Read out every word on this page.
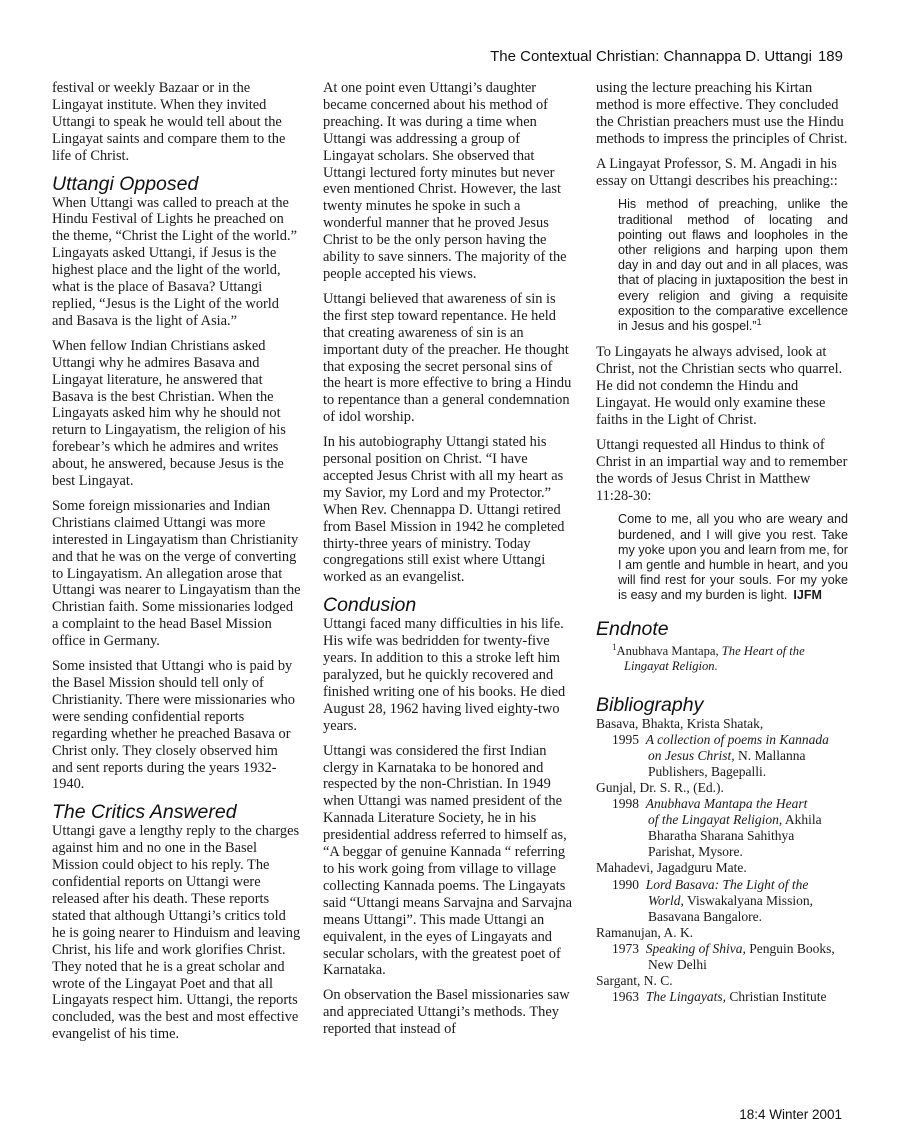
The Contextual Christian: Channappa D. Uttangi 189

festival or weekly Bazaar or in the Lingayat institute. When they invited Uttangi to speak he would tell about the Lingayat saints and compare them to the life of Christ.

Uttangi Opposed

When Uttangi was called to preach at the Hindu Festival of Lights he preached on the theme, “Christ the Light of the world.” Lingayats asked Uttangi, if Jesus is the highest place and the light of the world, what is the place of Basava? Uttangi replied, “Jesus is the Light of the world and Basava is the light of Asia.”

When fellow Indian Christians asked Uttangi why he admires Basava and Lingayat literature, he answered that Basava is the best Christian. When the Lingayats asked him why he should not return to Lingayatism, the religion of his forebear’s which he admires and writes about, he answered, because Jesus is the best Lingayat.

Some foreign missionaries and Indian Christians claimed Uttangi was more interested in Lingayatism than Christianity and that he was on the verge of converting to Lingayatism. An allegation arose that Uttangi was nearer to Lingayatism than the Christian faith. Some missionaries lodged a complaint to the head Basel Mission office in Germany.

Some insisted that Uttangi who is paid by the Basel Mission should tell only of Christianity. There were missionaries who were sending confidential reports regarding whether he preached Basava or Christ only. They closely observed him and sent reports during the years 1932-1940.

The Critics Answered

Uttangi gave a lengthy reply to the charges against him and no one in the Basel Mission could object to his reply. The confidential reports on Uttangi were released after his death. These reports stated that although Uttangi’s critics told he is going nearer to Hinduism and leaving Christ, his life and work glorifies Christ. They noted that he is a great scholar and wrote of the Lingayat Poet and that all Lingayats respect him. Uttangi, the reports concluded, was the best and most effective evangelist of his time.

At one point even Uttangi’s daughter became concerned about his method of preaching. It was during a time when Uttangi was addressing a group of Lingayat scholars. She observed that Uttangi lectured forty minutes but never even mentioned Christ. However, the last twenty minutes he spoke in such a wonderful manner that he proved Jesus Christ to be the only person having the ability to save sinners. The majority of the people accepted his views.

Uttangi believed that awareness of sin is the first step toward repentance. He held that creating awareness of sin is an important duty of the preacher. He thought that exposing the secret personal sins of the heart is more effective to bring a Hindu to repentance than a general condemnation of idol worship.

In his autobiography Uttangi stated his personal position on Christ. “I have accepted Jesus Christ with all my heart as my Savior, my Lord and my Protector.” When Rev. Chennappa D. Uttangi retired from Basel Mission in 1942 he completed thirty-three years of ministry. Today congregations still exist where Uttangi worked as an evangelist.

Condusion

Uttangi faced many difficulties in his life. His wife was bedridden for twenty-five years. In addition to this a stroke left him paralyzed, but he quickly recovered and finished writing one of his books. He died August 28, 1962 having lived eighty-two years.

Uttangi was considered the first Indian clergy in Karnataka to be honored and respected by the non-Christian. In 1949 when Uttangi was named president of the Kannada Literature Society, he in his presidential address referred to himself as, “A beggar of genuine Kannada “ referring to his work going from village to village collecting Kannada poems. The Lingayats said “Uttangi means Sarvajna and Sarvajna means Uttangi”. This made Uttangi an equivalent, in the eyes of Lingayats and secular scholars, with the greatest poet of Karnataka.

On observation the Basel missionaries saw and appreciated Uttangi’s methods. They reported that instead of

using the lecture preaching his Kirtan method is more effective. They concluded the Christian preachers must use the Hindu methods to impress the principles of Christ.

A Lingayat Professor, S. M. Angadi in his essay on Uttangi describes his preaching::

His method of preaching, unlike the traditional method of locating and pointing out flaws and loopholes in the other religions and harping upon them day in and day out and in all places, was that of placing in juxtaposition the best in every religion and giving a requisite exposition to the comparative excellence in Jesus and his gospel.”$^1$

To Lingayats he always advised, look at Christ, not the Christian sects who quarrel. He did not condemn the Hindu and Lingayat. He would only examine these faiths in the Light of Christ.

Uttangi requested all Hindus to think of Christ in an impartial way and to remember the words of Jesus Christ in Matthew 11:28-30:

Come to me, all you who are weary and burdened, and I will give you rest. Take my yoke upon you and learn from me, for I am gentle and humble in heart, and you will find rest for your souls. For my yoke is easy and my burden is light. IJFM
Endnote
$^1$Anubhava Mantapa, The Heart of the Lingayat Religion.
Bibliography
Basava, Bhakta, Krista Shatak,
1995 A collection of poems in Kannada
on Jesus Christ, N. Mallanna
Publishers, Bagepalli.
Gunjal, Dr. S. R., (Ed.).
1998 Anubhava Mantapa the Heart
of the Lingayat Religion, Akhila
Bharatha Sharana Sahithya
Parishat, Mysore.
Mahadevi, Jagadguru Mate.
1990 Lord Basava: The Light of the
World, Viswakalyana Mission,
Basavana Bangalore.
Ramanujan, A. K.
1973 Speaking of Shiva, Penguin Books,
New Delhi
Sargant, N. C.
1963 The Lingayats, Christian Institute
18:4 Winter 2001
